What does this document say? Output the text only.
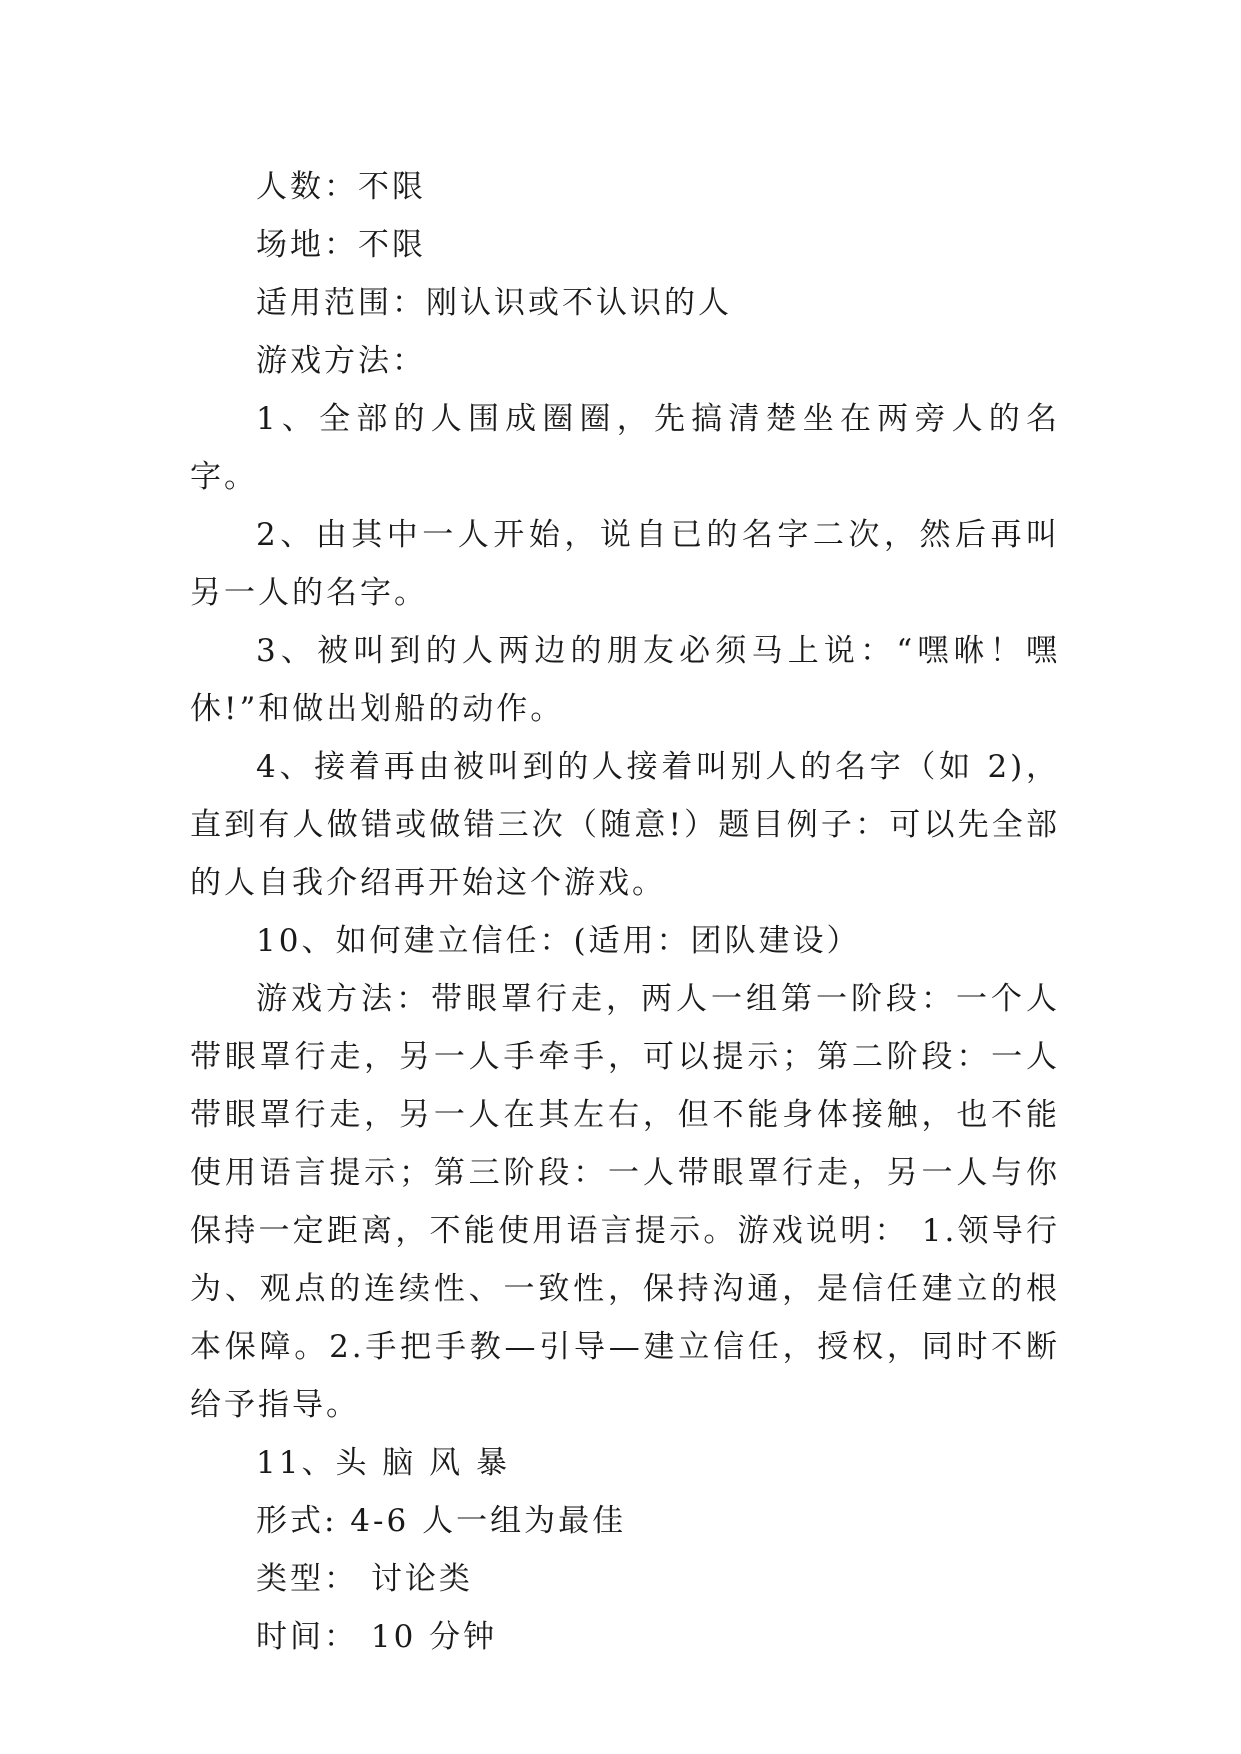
人数：不限

场地：不限

适用范围：刚认识或不认识的人

游戏方法：

1、全部的人围成圈圈，先搞清楚坐在两旁人的名字。

2、由其中一人开始，说自已的名字二次，然后再叫另一人的名字。

3、被叫到的人两边的朋友必须马上说：“嘿咻！嘿休!”和做出划船的动作。

4、接着再由被叫到的人接着叫别人的名字（如 2)，直到有人做错或做错三次（随意!）题目例子：可以先全部的人自我介绍再开始这个游戏。

10、如何建立信任：(适用：团队建设）

游戏方法：带眼罩行走，两人一组第一阶段：一个人带眼罩行走，另一人手牵手，可以提示；第二阶段：一人带眼罩行走，另一人在其左右，但不能身体接触，也不能使用语言提示；第三阶段：一人带眼罩行走，另一人与你保持一定距离，不能使用语言提示。游戏说明： 1.领导行为、观点的连续性、一致性，保持沟通，是信任建立的根本保障。2.手把手教—引导—建立信任，授权，同时不断给予指导。

11、头 脑 风 暴

形式: 4-6 人一组为最佳

类型： 讨论类

时间： 10 分钟
